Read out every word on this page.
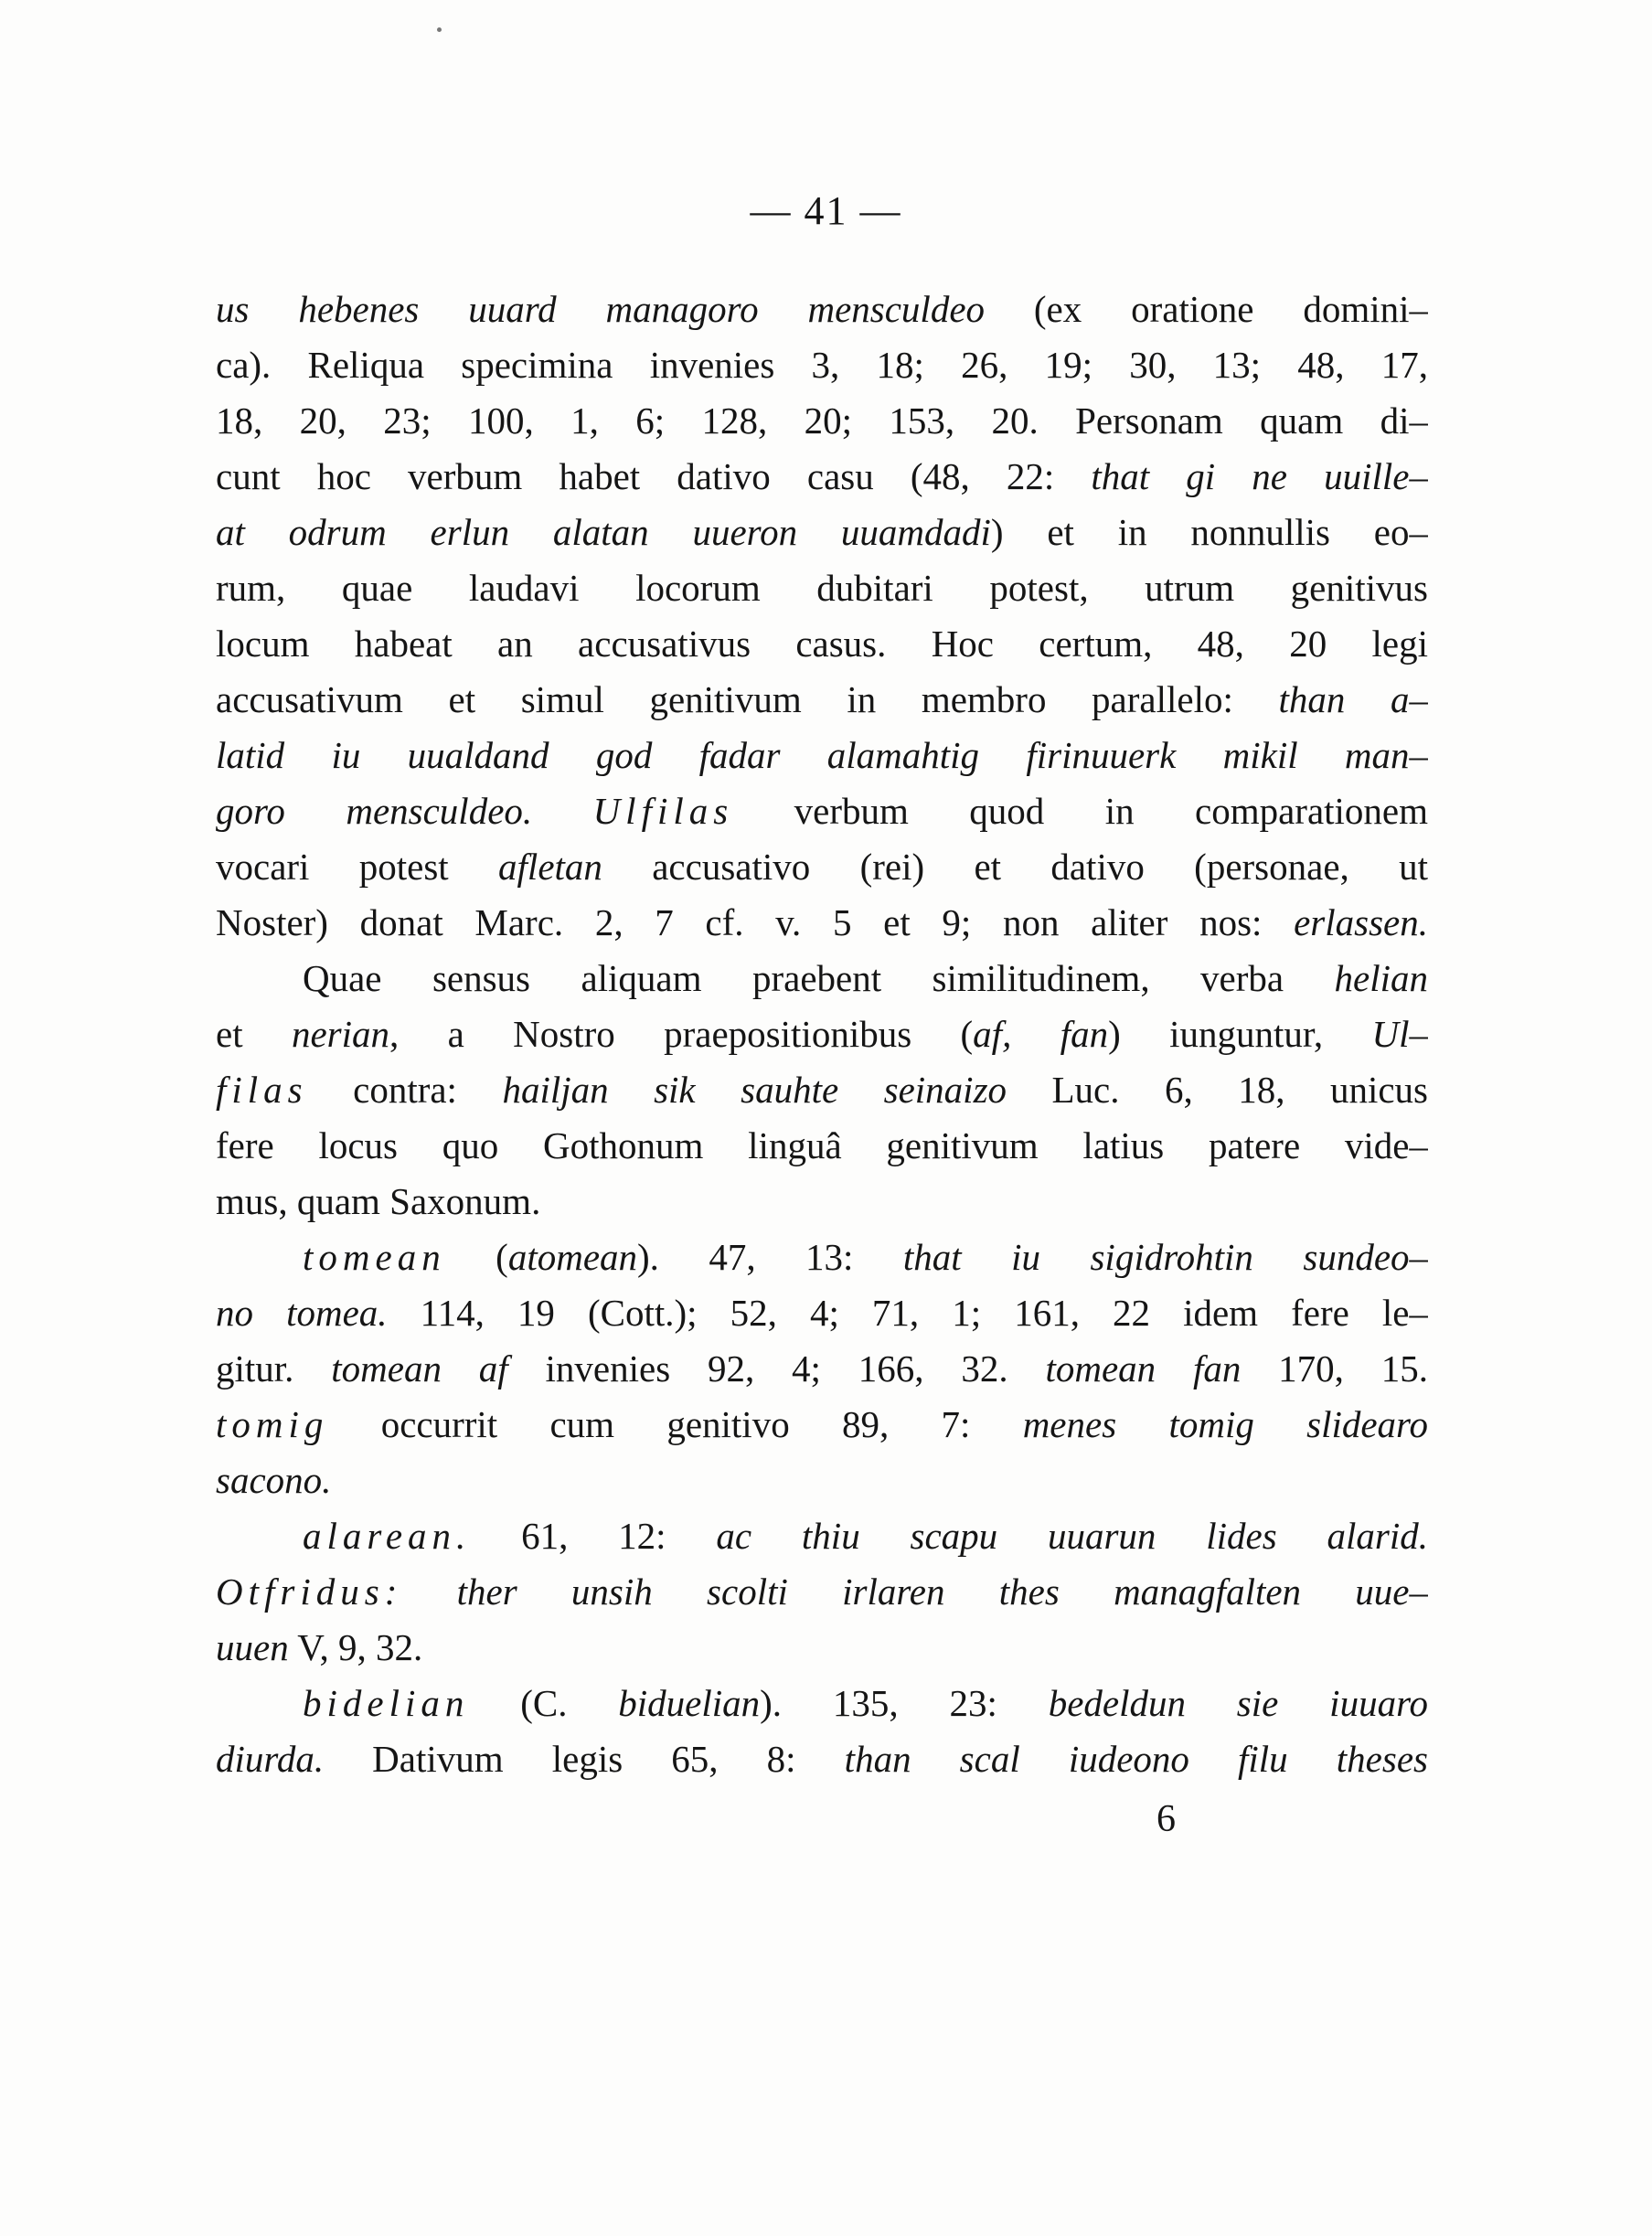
— 41 —
us hebenes uuard managoro mensculdeo (ex oratione domini–
ca). Reliqua specimina invenies 3, 18; 26, 19; 30, 13; 48, 17,
18, 20, 23; 100, 1, 6; 128, 20; 153, 20. Personam quam di–
cunt hoc verbum habet dativo casu (48, 22: that gi ne uuille–
at odrum erlun alatan uueron uuamdadi) et in nonnullis eo–
rum, quae laudavi locorum dubitari potest, utrum genitivus
locum habeat an accusativus casus. Hoc certum, 48, 20 legi
accusativum et simul genitivum in membro parallelo: than a–
latid iu uualdand god fadar alamahtig firinuuerk mikil man–
goro mensculdeo. Ulfilas verbum quod in comparationem
vocari potest afletan accusativo (rei) et dativo (personae, ut
Noster) donat Marc. 2, 7 cf. v. 5 et 9; non aliter nos: erlassen.
Quae sensus aliquam praebent similitudinem, verba helian
et nerian, a Nostro praepositionibus (af, fan) iunguntur, Ul–
filas contra: hailjan sik sauhte seinaizo Luc. 6, 18, unicus
fere locus quo Gothonum linguâ genitivum latius patere vide–
mus, quam Saxonum.
tomean (atomean). 47, 13: that iu sigidrohtin sundeo–
no tomea. 114, 19 (Cott.); 52, 4; 71, 1; 161, 22 idem fere le–
gitur. tomean af invenies 92, 4; 166, 32. tomean fan 170, 15.
tomig occurrit cum genitivo 89, 7: menes tomig slidearo
sacono.
alarean. 61, 12: ac thiu scapu uuarun lides alarid.
Otfridus: ther unsih scolti irlaren thes managfalten uue–
uuen V, 9, 32.
bidelian (C. biduelian). 135, 23: bedeldun sie iuuaro
diurda. Dativum legis 65, 8: than scal iudeono filu theses
6
